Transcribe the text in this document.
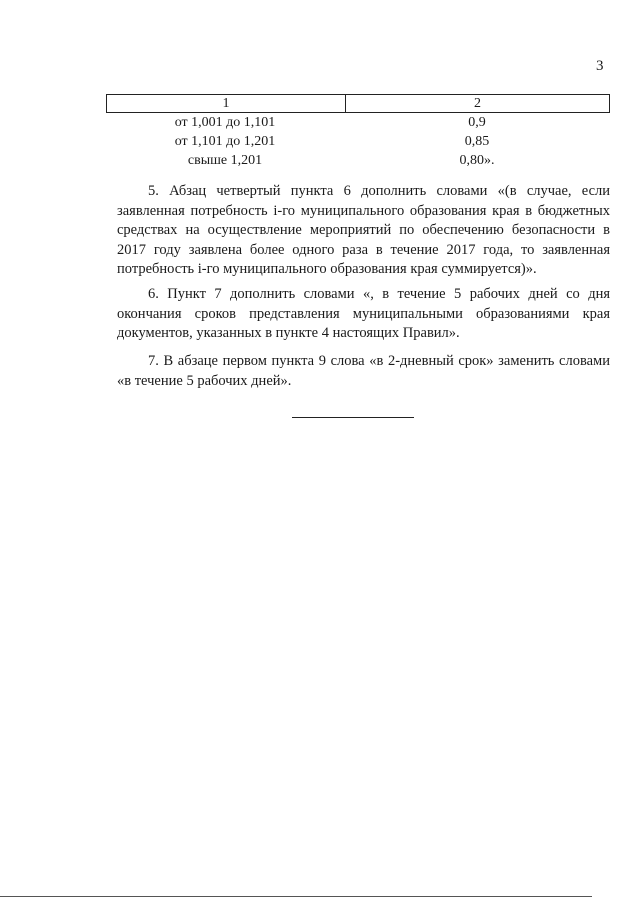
3
1	2
от 1,001 до 1,101	0,9
от 1,101 до 1,201	0,85
свыше 1,201	0,80».

5. Абзац четвертый пункта 6 дополнить словами «(в случае, если заявленная потребность i-го муниципального образования края в бюджетных средствах на осуществление мероприятий по обеспечению безопасности в 2017 году заявлена более одного раза в течение 2017 года, то заявленная потребность i-го муниципального образования края суммируется)».

6. Пункт 7 дополнить словами «, в течение 5 рабочих дней со дня окончания сроков представления муниципальными образованиями края документов, указанных в пункте 4 настоящих Правил».

7. В абзаце первом пункта 9 слова «в 2-дневный срок» заменить словами «в течение 5 рабочих дней».
